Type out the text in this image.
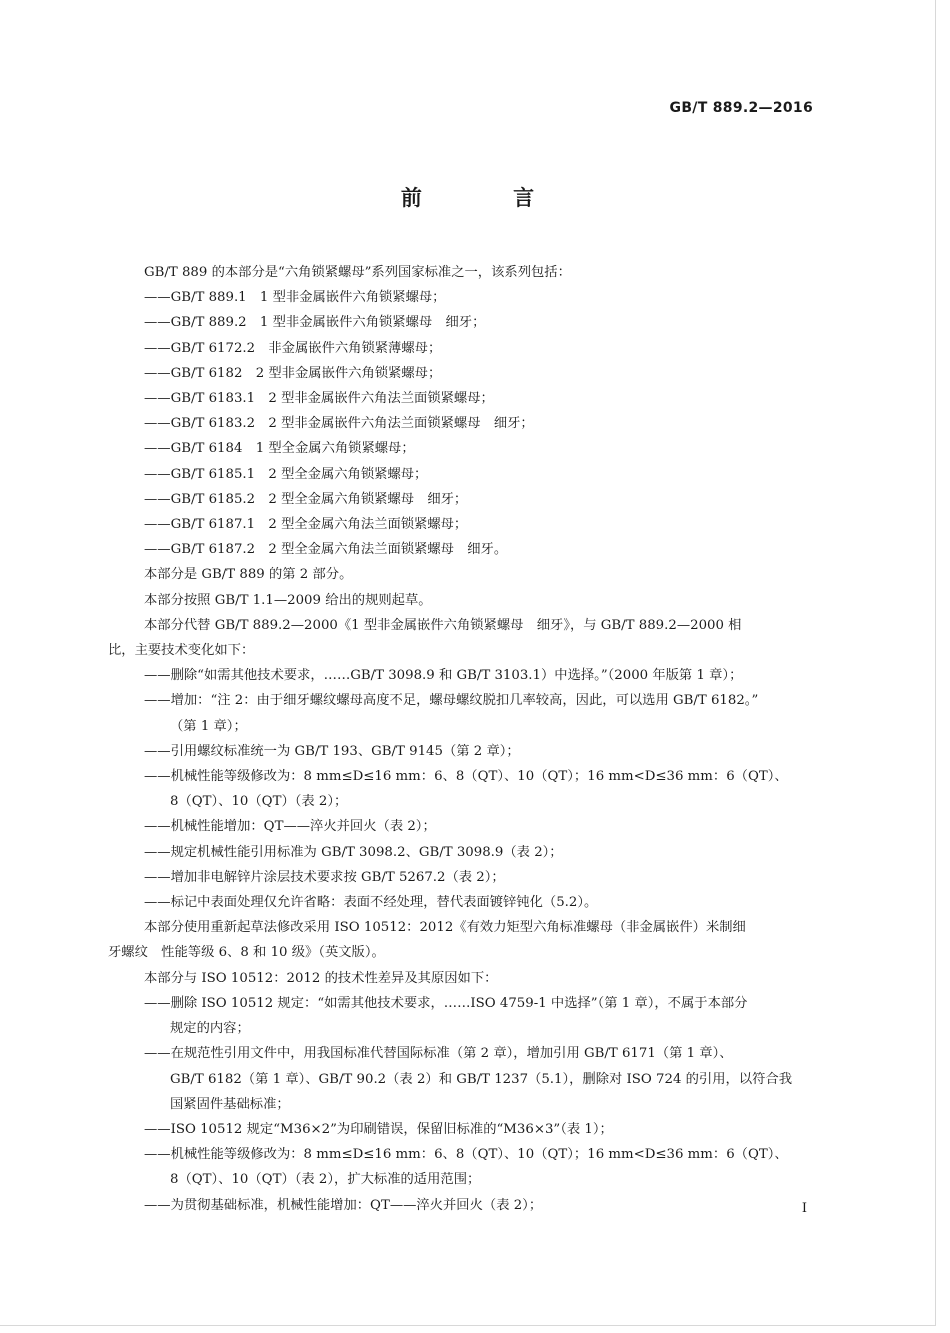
GB/T 889.2—2016
前 言
GB/T 889 的本部分是“六角锁紧螺母”系列国家标准之一，该系列包括：
——GB/T 889.1　1 型非金属嵌件六角锁紧螺母；
——GB/T 889.2　1 型非金属嵌件六角锁紧螺母　细牙；
——GB/T 6172.2　非金属嵌件六角锁紧薄螺母；
——GB/T 6182　2 型非金属嵌件六角锁紧螺母；
——GB/T 6183.1　2 型非金属嵌件六角法兰面锁紧螺母；
——GB/T 6183.2　2 型非金属嵌件六角法兰面锁紧螺母　细牙；
——GB/T 6184　1 型全金属六角锁紧螺母；
——GB/T 6185.1　2 型全金属六角锁紧螺母；
——GB/T 6185.2　2 型全金属六角锁紧螺母　细牙；
——GB/T 6187.1　2 型全金属六角法兰面锁紧螺母；
——GB/T 6187.2　2 型全金属六角法兰面锁紧螺母　细牙。
本部分是 GB/T 889 的第 2 部分。
本部分按照 GB/T 1.1—2009 给出的规则起草。
本部分代替 GB/T 889.2—2000《1 型非金属嵌件六角锁紧螺母　细牙》，与 GB/T 889.2—2000 相
比，主要技术变化如下：
——删除“如需其他技术要求，……GB/T 3098.9 和 GB/T 3103.1）中选择。”（2000 年版第 1 章）；
——增加：“注 2：由于细牙螺纹螺母高度不足，螺母螺纹脱扣几率较高，因此，可以选用 GB/T 6182。”
（第 1 章）；
——引用螺纹标准统一为 GB/T 193、GB/T 9145（第 2 章）；
——机械性能等级修改为：8 mm≤D≤16 mm：6、8（QT）、10（QT）；16 mm<D≤36 mm：6（QT）、
8（QT）、10（QT）（表 2）；
——机械性能增加：QT——淬火并回火（表 2）；
——规定机械性能引用标准为 GB/T 3098.2、GB/T 3098.9（表 2）；
——增加非电解锌片涂层技术要求按 GB/T 5267.2（表 2）；
——标记中表面处理仅允许省略：表面不经处理，替代表面镀锌钝化（5.2）。
本部分使用重新起草法修改采用 ISO 10512：2012《有效力矩型六角标准螺母（非金属嵌件）米制细
牙螺纹　性能等级 6、8 和 10 级》（英文版）。
本部分与 ISO 10512：2012 的技术性差异及其原因如下：
——删除 ISO 10512 规定：“如需其他技术要求，……ISO 4759-1 中选择”（第 1 章），不属于本部分
规定的内容；
——在规范性引用文件中，用我国标准代替国际标准（第 2 章），增加引用 GB/T 6171（第 1 章）、
GB/T 6182（第 1 章）、GB/T 90.2（表 2）和 GB/T 1237（5.1），删除对 ISO 724 的引用，以符合我
国紧固件基础标准；
——ISO 10512 规定“M36×2”为印刷错误，保留旧标准的“M36×3”（表 1）；
——机械性能等级修改为：8 mm≤D≤16 mm：6、8（QT）、10（QT）；16 mm<D≤36 mm：6（QT）、
8（QT）、10（QT）（表 2），扩大标准的适用范围；
——为贯彻基础标准，机械性能增加：QT——淬火并回火（表 2）；	I
